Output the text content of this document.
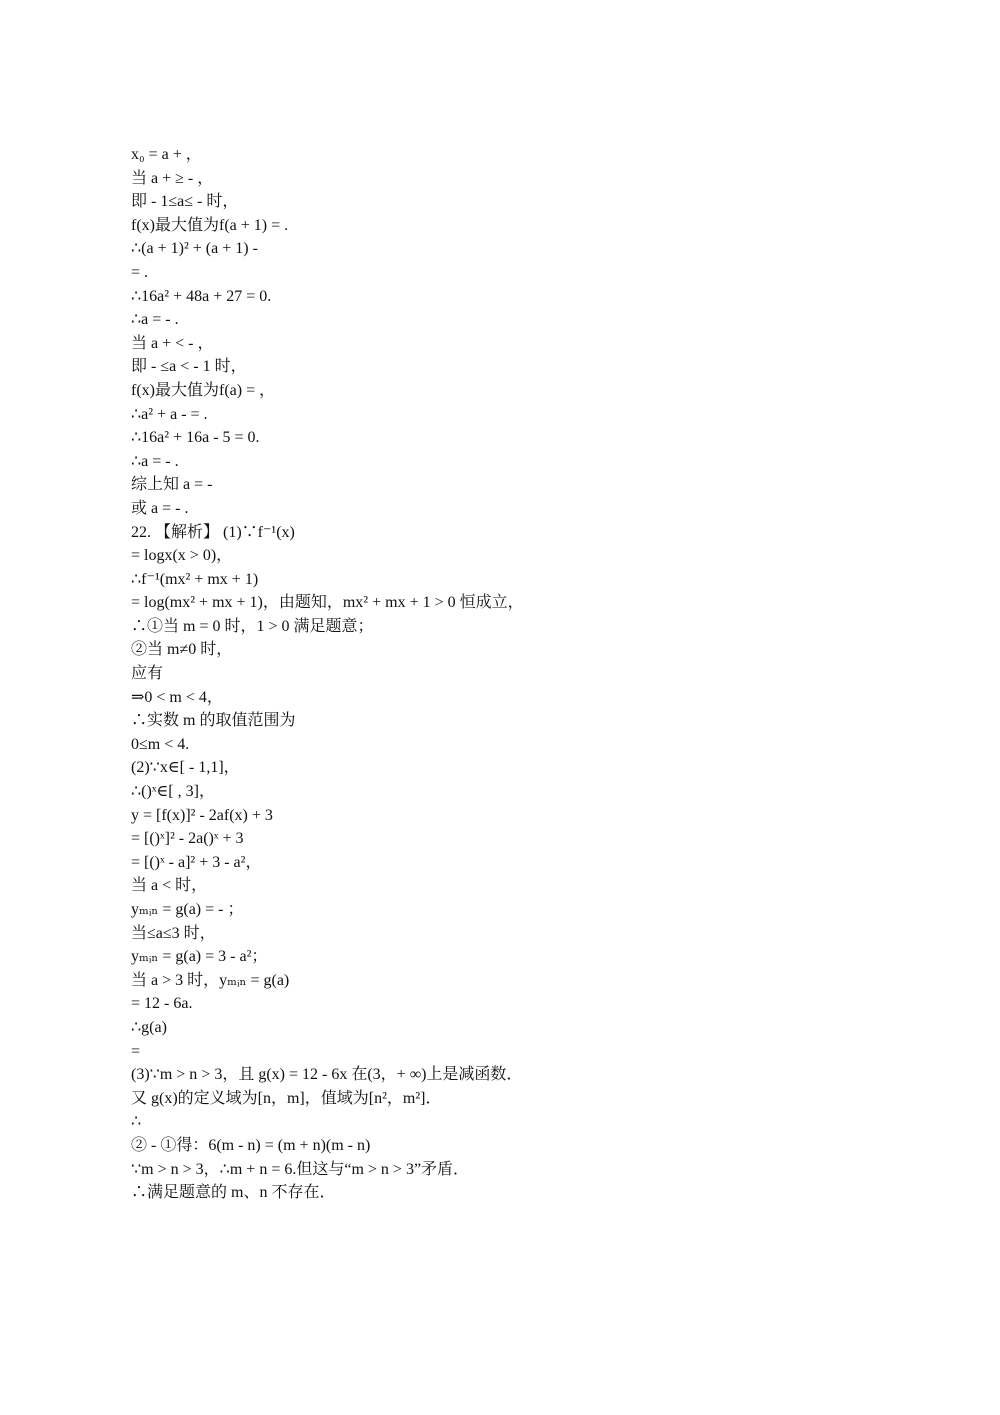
x₀ = a + ，
当 a + ≥ - ，
即 - 1≤a≤ - 时，
f(x)最大值为f(a + 1) = .
∴(a + 1)² + (a + 1) -
= .
∴16a² + 48a + 27 = 0.
∴a = - .
当 a + < - ，
即 - ≤a < - 1 时，
f(x)最大值为f(a) = ，
∴a² + a - = .
∴16a² + 16a - 5 = 0.
∴a = - .
综上知 a = -
或 a = - .
22. 【解析】 (1)∵f⁻¹(x)
= logx(x > 0)，
∴f⁻¹(mx² + mx + 1)
= log(mx² + mx + 1)，由题知，mx² + mx + 1 > 0 恒成立，
∴①当 m = 0 时，1 > 0 满足题意；
②当 m≠0 时，
应有
⇒0 < m < 4，
∴实数 m 的取值范围为
0≤m < 4.
(2)∵x∈[ - 1,1]，
∴()ˣ∈[ , 3]，
y = [f(x)]² - 2af(x) + 3
= [()ˣ]² - 2a()ˣ + 3
= [()ˣ - a]² + 3 - a²，
当 a < 时，
yₘᵢₙ = g(a) = - ；
当≤a≤3 时，
yₘᵢₙ = g(a) = 3 - a²；
当 a > 3 时，yₘᵢₙ = g(a)
= 12 - 6a.
∴g(a)
=
(3)∵m > n > 3，且 g(x) = 12 - 6x 在(3，+ ∞)上是减函数．
又 g(x)的定义域为[n，m]，值域为[n²，m²]．
∴
② - ①得：6(m - n) = (m + n)(m - n)
∵m > n > 3，∴m + n = 6.但这与“m > n > 3”矛盾．
∴满足题意的 m、n 不存在．
